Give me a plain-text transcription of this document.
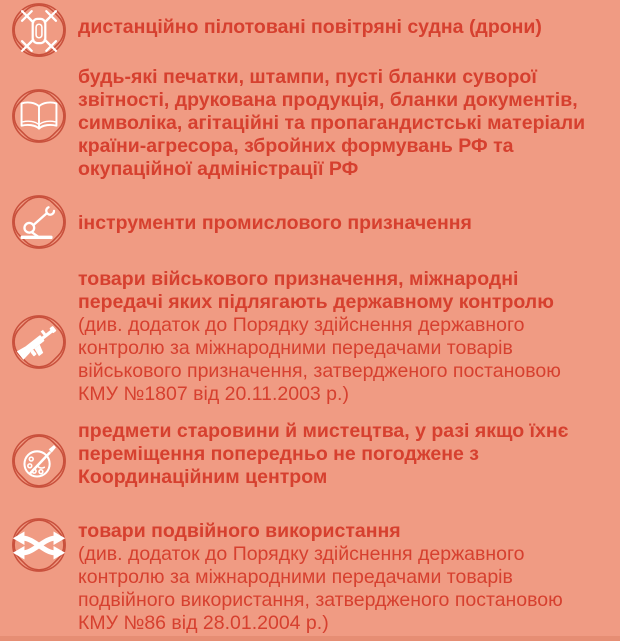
дистанційно пілотовані повітряні судна (дрони)

будь-які печатки, штампи, пусті бланки суворої звітності, друкована продукція, бланки документів, символіка, агітаційні та пропагандистські матеріали країни-агресора, збройних формувань РФ та окупаційної адміністрації РФ

інструменти промислового призначення

товари військового призначення, міжнародні передачі яких підлягають державному контролю

(див. додаток до Порядку здійснення державного контролю за міжнародними передачами товарів військового призначення, затвердженого постановою КМУ №1807 від 20.11.2003 р.)

предмети старовини й мистецтва, у разі якщо їхнє переміщення попередньо не погоджене з Координаційним центром

товари подвійного використання

(див. додаток до Порядку здійснення державного контролю за міжнародними передачами товарів подвійного використання, затвердженого постановою КМУ №86 від 28.01.2004 р.)
